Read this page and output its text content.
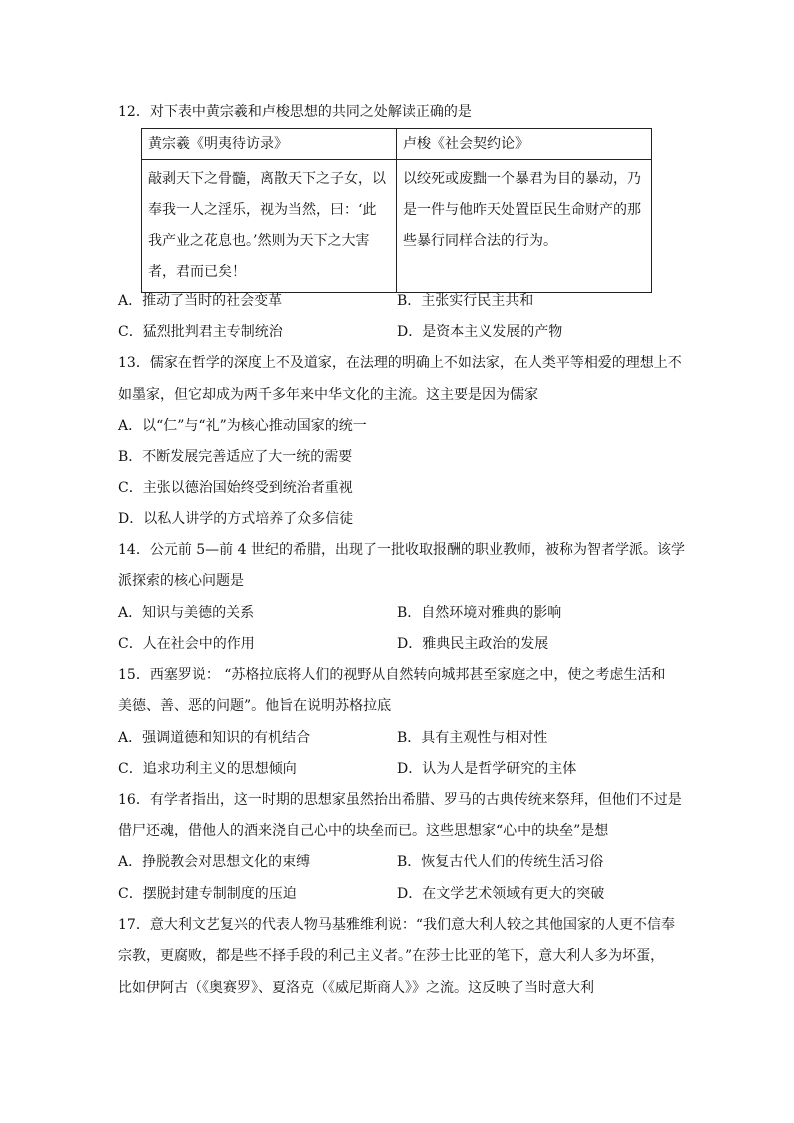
12．对下表中黄宗羲和卢梭思想的共同之处解读正确的是
黄宗羲《明夷待访录》	卢梭《社会契约论》
敲剥天下之骨髓，离散天下之子女，以奉我一人之淫乐，视为当然，曰：‘此我产业之花息也。’然则为天下之大害者，君而已矣！	以绞死或废黜一个暴君为目的暴动，乃是一件与他昨天处置臣民生命财产的那些暴行同样合法的行为。
A．推动了当时的社会变革	B．主张实行民主共和
C．猛烈批判君主专制统治	D．是资本主义发展的产物
13．儒家在哲学的深度上不及道家，在法理的明确上不如法家，在人类平等相爱的理想上不
如墨家，但它却成为两千多年来中华文化的主流。这主要是因为儒家
A．以“仁”与“礼”为核心推动国家的统一
B．不断发展完善适应了大一统的需要
C．主张以德治国始终受到统治者重视
D．以私人讲学的方式培养了众多信徒
14．公元前 5—前 4 世纪的希腊，出现了一批收取报酬的职业教师，被称为智者学派。该学
派探索的核心问题是
A．知识与美德的关系	B．自然环境对雅典的影响
C．人在社会中的作用	D．雅典民主政治的发展
15．西塞罗说： “苏格拉底将人们的视野从自然转向城邦甚至家庭之中，使之考虑生活和
美德、善、恶的问题”。他旨在说明苏格拉底
A．强调道德和知识的有机结合	B．具有主观性与相对性
C．追求功利主义的思想倾向	D．认为人是哲学研究的主体
16．有学者指出，这一时期的思想家虽然抬出希腊、罗马的古典传统来祭拜，但他们不过是
借尸还魂，借他人的酒来浇自己心中的块垒而已。这些思想家“心中的块垒”是想
A．挣脱教会对思想文化的束缚	B．恢复古代人们的传统生活习俗
C．摆脱封建专制制度的压迫	D．在文学艺术领域有更大的突破
17．意大利文艺复兴的代表人物马基雅维利说：“我们意大利人较之其他国家的人更不信奉
宗教，更腐败，都是些不择手段的利己主义者。”在莎士比亚的笔下，意大利人多为坏蛋，
比如伊阿古（《奥赛罗》、夏洛克（《威尼斯商人》》之流。这反映了当时意大利
